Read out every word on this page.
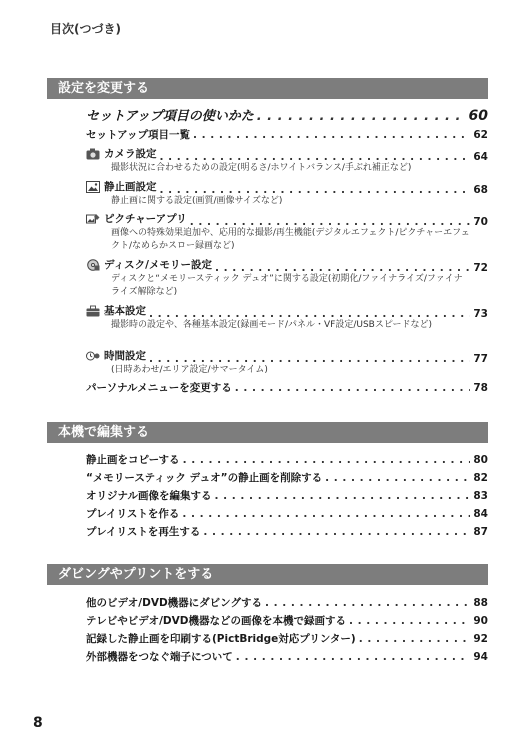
目次(つづき)
設定を変更する
セットアップ項目の使いかた . . .	60
セットアップ項目一覧 . . .	62
カメラ設定 . . .	64
撮影状況に合わせるための設定(明るさ/ホワイトバランス/手ぶれ補正など)
静止画設定 . . .	68
静止画に関する設定(画質/画像サイズなど)
ピクチャーアプリ . . .	70
画像への特殊効果追加や、応用的な撮影/再生機能(デジタルエフェクト/ピクチャーエフェクト/なめらかスロー録画など)
ディスク/メモリー設定 . . .	72
ディスクと“メモリースティック デュオ”に関する設定(初期化/ファイナライズ/ファイナライズ解除など)
基本設定 . . .	73
撮影時の設定や、各種基本設定(録画モード/パネル・VF設定/USBスピードなど)
時間設定 . . .	77
(日時あわせ/エリア設定/サマータイム)
パーソナルメニューを変更する . . .	78
本機で編集する
静止画をコピーする . . .	80
“メモリースティック デュオ”の静止画を削除する . . .	82
オリジナル画像を編集する . . .	83
プレイリストを作る . . .	84
プレイリストを再生する . . .	87
ダビングやプリントをする
他のビデオ/DVD機器にダビングする . . .	88
テレビやビデオ/DVD機器などの画像を本機で録画する . . .	90
記録した静止画を印刷する(PictBridge対応プリンター) . . .	92
外部機器をつなぐ端子について . . .	94
8
